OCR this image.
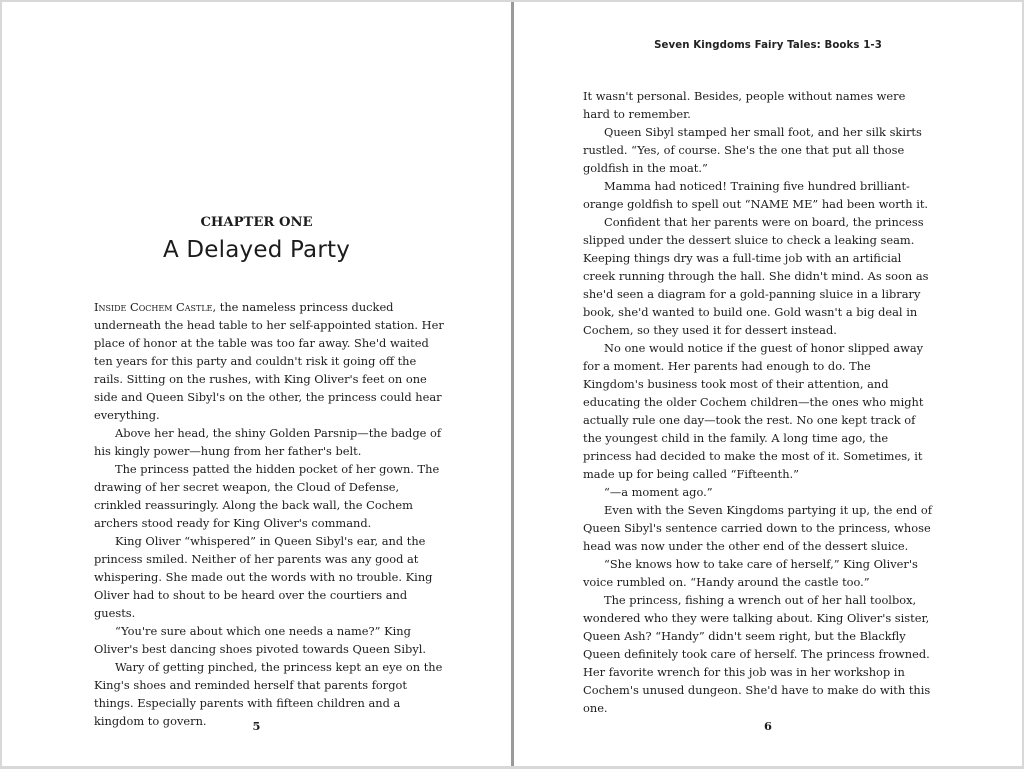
CHAPTER ONE
A Delayed Party

Inside Cochem Castle, the nameless princess ducked underneath the head table to her self-appointed station. Her place of honor at the table was too far away. She'd waited ten years for this party and couldn't risk it going off the rails. Sitting on the rushes, with King Oliver's feet on one side and Queen Sibyl's on the other, the princess could hear everything.

Above her head, the shiny Golden Parsnip—the badge of his kingly power—hung from her father's belt.

The princess patted the hidden pocket of her gown. The drawing of her secret weapon, the Cloud of Defense, crinkled reassuringly. Along the back wall, the Cochem archers stood ready for King Oliver's command.

King Oliver “whispered” in Queen Sibyl's ear, and the princess smiled. Neither of her parents was any good at whispering. She made out the words with no trouble. King Oliver had to shout to be heard over the courtiers and guests.

“You're sure about which one needs a name?” King Oliver's best dancing shoes pivoted towards Queen Sibyl.

Wary of getting pinched, the princess kept an eye on the King's shoes and reminded herself that parents forgot things. Especially parents with fifteen children and a kingdom to govern.	5
Seven Kingdoms Fairy Tales: Books 1-3

It wasn't personal. Besides, people without names were hard to remember.

Queen Sibyl stamped her small foot, and her silk skirts rustled. “Yes, of course. She's the one that put all those goldfish in the moat.”

Mamma had noticed! Training five hundred brilliant-orange goldfish to spell out “NAME ME” had been worth it.

Confident that her parents were on board, the princess slipped under the dessert sluice to check a leaking seam. Keeping things dry was a full-time job with an artificial creek running through the hall. She didn't mind. As soon as she'd seen a diagram for a gold-panning sluice in a library book, she'd wanted to build one. Gold wasn't a big deal in Cochem, so they used it for dessert instead.

No one would notice if the guest of honor slipped away for a moment. Her parents had enough to do. The Kingdom's business took most of their attention, and educating the older Cochem children—the ones who might actually rule one day—took the rest. No one kept track of the youngest child in the family. A long time ago, the princess had decided to make the most of it. Sometimes, it made up for being called “Fifteenth.”

“—a moment ago.”

Even with the Seven Kingdoms partying it up, the end of Queen Sibyl's sentence carried down to the princess, whose head was now under the other end of the dessert sluice.

“She knows how to take care of herself,” King Oliver's voice rumbled on. “Handy around the castle too.”

The princess, fishing a wrench out of her hall toolbox, wondered who they were talking about. King Oliver's sister, Queen Ash? “Handy” didn't seem right, but the Blackfly Queen definitely took care of herself. The princess frowned. Her favorite wrench for this job was in her workshop in Cochem's unused dungeon. She'd have to make do with this one.

6
